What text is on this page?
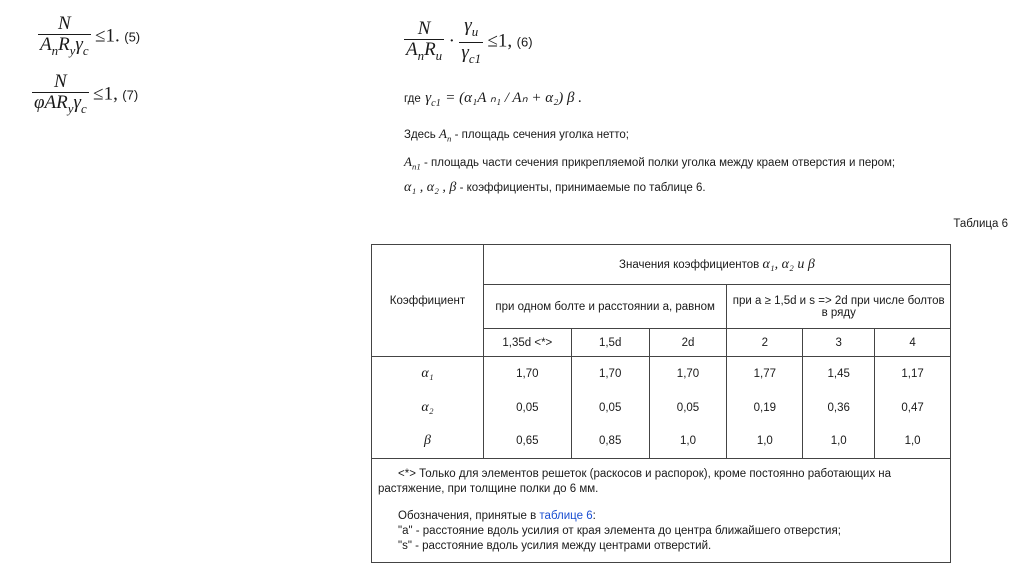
$\frac{N}{A_nR_y\gamma_c} \le 1$. (5)
$\frac{N}{\varphi AR_y\gamma_c} \le 1$, (7)
$\frac{N}{A_nR_u} \cdot \frac{\gamma_u}{\gamma_{c1}} \le 1$, (6)
где $\gamma_{c1} = (\alpha_1A$ ₙ₁ / Aₙ + α₂) β .
Здесь $A_n$ - площадь сечения уголка нетто;
$A_{n1}$ - площадь части сечения прикрепляемой полки уголка между краем отверстия и пером;
α₁ , α₂ , β - коэффициенты, принимаемые по таблице 6.
Таблица 6
Коэффициент	Значения коэффициентов α₁, α₂ и β					
	при одном болте и расстоянии а, равном			при a ≥ 1,5d и s => 2d при числе болтов в ряду		
	1,35d <*>	1,5d	2d	2	3	4
α₁	1,70	1,70	1,70	1,77	1,45	1,17
α₂	0,05	0,05	0,05	0,19	0,36	0,47
β	0,65	0,85	1,0	1,0	1,0	1,0

<*> Только для элементов решеток (раскосов и распорок), кроме постоянно работающих на растяжение, при толщине полки до 6 мм.
Обозначения, принятые в таблице 6:
"a" - расстояние вдоль усилия от края элемента до центра ближайшего отверстия;
"s" - расстояние вдоль усилия между центрами отверстий.						
